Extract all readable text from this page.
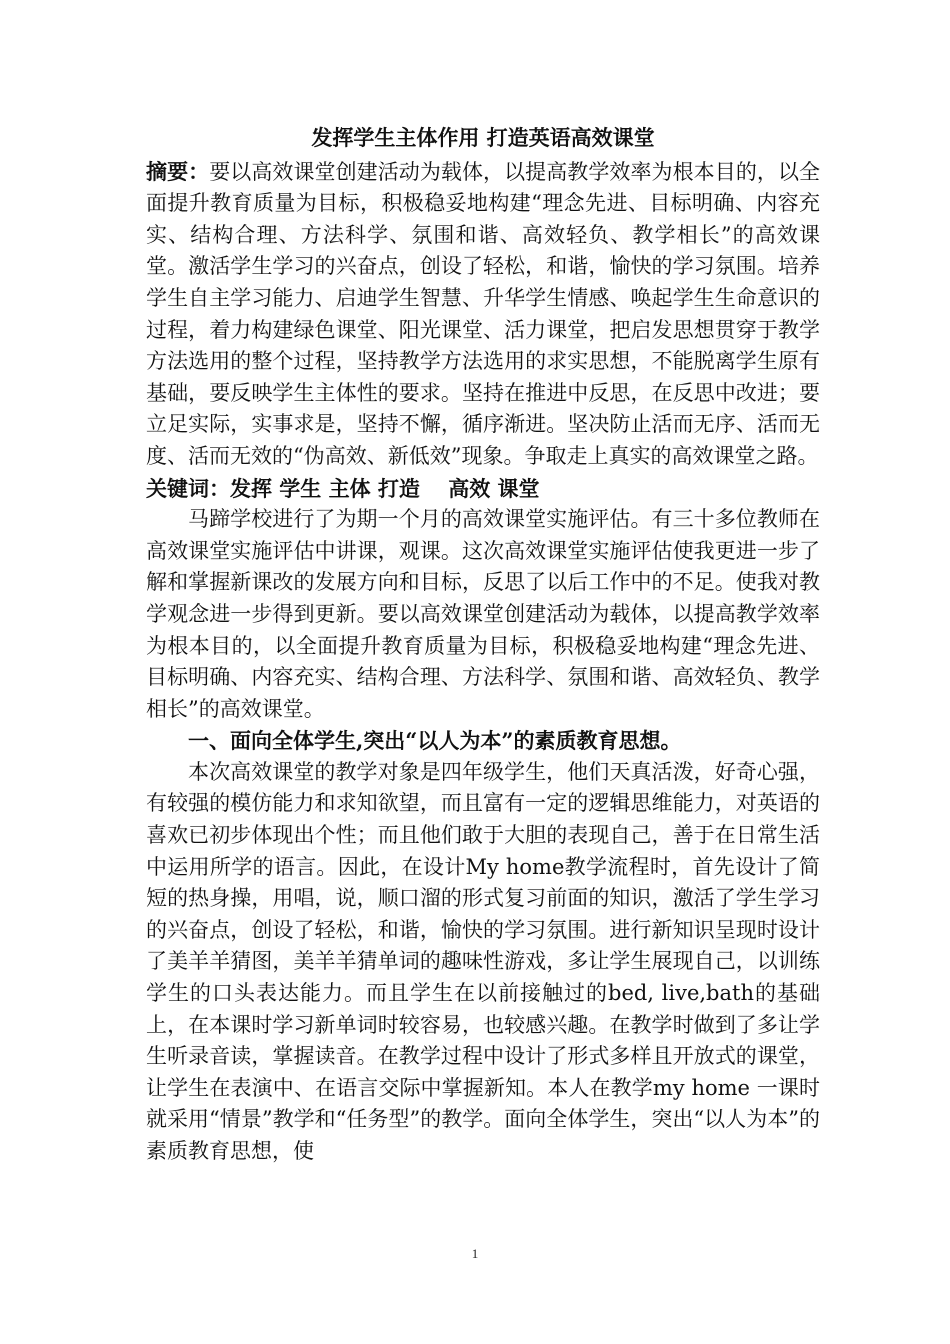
发挥学生主体作用 打造英语高效课堂

摘要：要以高效课堂创建活动为载体，以提高教学效率为根本目的，以全面提升教育质量为目标，积极稳妥地构建“理念先进、目标明确、内容充实、结构合理、方法科学、氛围和谐、高效轻负、教学相长”的高效课堂。激活学生学习的兴奋点，创设了轻松，和谐，愉快的学习氛围。培养学生自主学习能力、启迪学生智慧、升华学生情感、唤起学生生命意识的过程，着力构建绿色课堂、阳光课堂、活力课堂，把启发思想贯穿于教学方法选用的整个过程，坚持教学方法选用的求实思想，不能脱离学生原有基础，要反映学生主体性的要求。坚持在推进中反思，在反思中改进；要立足实际，实事求是，坚持不懈，循序渐进。坚决防止活而无序、活而无度、活而无效的“伪高效、新低效”现象。争取走上真实的高效课堂之路。

关键词：发挥 学生 主体 打造　 高效 课堂

马蹄学校进行了为期一个月的高效课堂实施评估。有三十多位教师在高效课堂实施评估中讲课，观课。这次高效课堂实施评估使我更进一步了解和掌握新课改的发展方向和目标，反思了以后工作中的不足。使我对教学观念进一步得到更新。要以高效课堂创建活动为载体，以提高教学效率为根本目的，以全面提升教育质量为目标，积极稳妥地构建“理念先进、目标明确、内容充实、结构合理、方法科学、氛围和谐、高效轻负、教学相长”的高效课堂。

一、面向全体学生,突出“以人为本”的素质教育思想。

本次高效课堂的教学对象是四年级学生，他们天真活泼，好奇心强，有较强的模仿能力和求知欲望，而且富有一定的逻辑思维能力，对英语的喜欢已初步体现出个性；而且他们敢于大胆的表现自己，善于在日常生活中运用所学的语言。因此，在设计My home教学流程时，首先设计了简短的热身操，用唱，说，顺口溜的形式复习前面的知识，激活了学生学习的兴奋点，创设了轻松，和谐，愉快的学习氛围。进行新知识呈现时设计了美羊羊猜图，美羊羊猜单词的趣味性游戏，多让学生展现自己，以训练学生的口头表达能力。而且学生在以前接触过的bed, live,bath的基础上，在本课时学习新单词时较容易，也较感兴趣。在教学时做到了多让学生听录音读，掌握读音。在教学过程中设计了形式多样且开放式的课堂，让学生在表演中、在语言交际中掌握新知。本人在教学my home 一课时就采用“情景”教学和“任务型”的教学。面向全体学生，突出“以人为本”的素质教育思想，使

1
